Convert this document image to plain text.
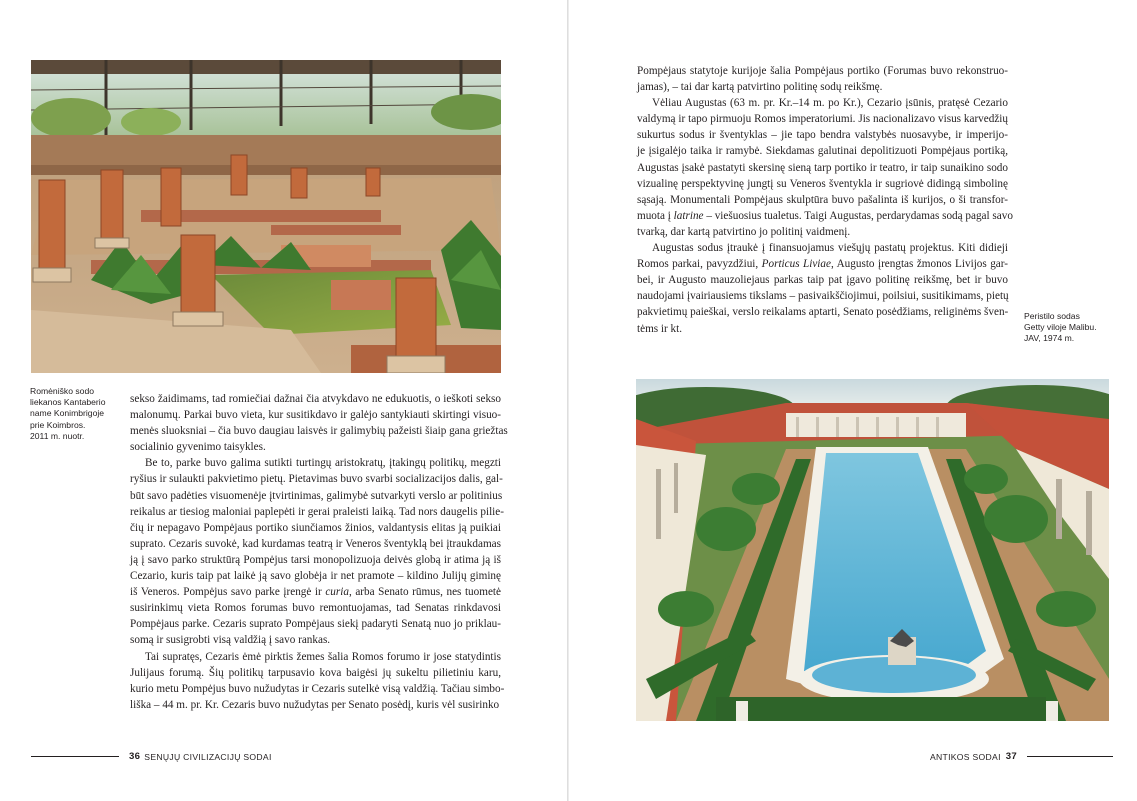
Romėniško sodo
liekanos Kantaberio
name Konimbrigoje
prie Koimbros.
2011 m. nuotr.

sekso žaidimams, tad romiečiai dažnai čia atvykdavo ne edukuotis, o ieškoti sekso
malonumų. Parkai buvo vieta, kur susitikdavo ir galėjo santykiauti skirtingi visuo-
menės sluoksniai – čia buvo daugiau laisvės ir galimybių pažeisti šiaip gana griežtas
socialinio gyvenimo taisykles.

Be to, parke buvo galima sutikti turtingų aristokratų, įtakingų politikų, megzti
ryšius ir sulaukti pakvietimo pietų. Pietavimas buvo svarbi socializacijos dalis, gal-
būt savo padėties visuomenėje įtvirtinimas, galimybė sutvarkyti verslo ar politinius
reikalus ar tiesiog maloniai paplepėti ir gerai praleisti laiką. Tad nors daugelis pilie-
čių ir nepagavo Pompėjaus portiko siunčiamos žinios, valdantysis elitas ją puikiai
suprato. Cezaris suvokė, kad kurdamas teatrą ir Veneros šventyklą bei įtraukdamas
ją į savo parko struktūrą Pompėjus tarsi monopolizuoja deivės globą ir atima ją iš
Cezario, kuris taip pat laikė ją savo globėja ir net pramote – kildino Julijų giminę
iš Veneros. Pompėjus savo parke įrengė ir curia, arba Senato rūmus, nes tuometė
susirinkimų vieta Romos forumas buvo remontuojamas, tad Senatas rinkdavosi
Pompėjaus parke. Cezaris suprato Pompėjaus siekį padaryti Senatą nuo jo priklau-
somą ir susigrobti visą valdžią į savo rankas.

Tai supratęs, Cezaris ėmė pirktis žemes šalia Romos forumo ir jose statydintis
Julijaus forumą. Šių politikų tarpusavio kova baigėsi jų sukeltu pilietiniu karu,
kurio metu Pompėjus buvo nužudytas ir Cezaris sutelkė visą valdžią. Tačiau simbo-
liška – 44 m. pr. Kr. Cezaris buvo nužudytas per Senato posėdį, kuris vėl susirinko

36 SENŲJŲ CIVILIZACIJŲ SODAI

Pompėjaus statytoje kurijoje šalia Pompėjaus portiko (Forumas buvo rekonstruo-
jamas), – tai dar kartą patvirtino politinę sodų reikšmę.

Vėliau Augustas (63 m. pr. Kr.–14 m. po Kr.), Cezario įsūnis, pratęsė Cezario
valdymą ir tapo pirmuoju Romos imperatoriumi. Jis nacionalizavo visus karvedžių
sukurtus sodus ir šventyklas – jie tapo bendra valstybės nuosavybe, ir imperijo-
je įsigalėjo taika ir ramybė. Siekdamas galutinai depolitizuoti Pompėjaus portiką,
Augustas įsakė pastatyti skersinę sieną tarp portiko ir teatro, ir taip sunaikino sodo
vizualinę perspektyvinę jungtį su Veneros šventykla ir sugriovė didingą simbolinę
sąsają. Monumentali Pompėjaus skulptūra buvo pašalinta iš kurijos, o ši transfor-
muota į latrine – viešuosius tualetus. Taigi Augustas, perdarydamas sodą pagal savo
tvarką, dar kartą patvirtino jo politinį vaidmenį.

Augustas sodus įtraukė į finansuojamus viešųjų pastatų projektus. Kiti didieji
Romos parkai, pavyzdžiui, Porticus Liviae, Augusto įrengtas žmonos Livijos gar-
bei, ir Augusto mauzoliejaus parkas taip pat įgavo politinę reikšmę, bet ir buvo
naudojami įvairiausiems tikslams – pasivaikščiojimui, poilsiui, susitikimams, pietų
pakvietimų paieškai, verslo reikalams aptarti, Senato posėdžiams, religinėms šven-
tėms ir kt.

Peristilo sodas
Getty viloje Malibu.
JAV, 1974 m.
ANTIKOS SODAI 37
